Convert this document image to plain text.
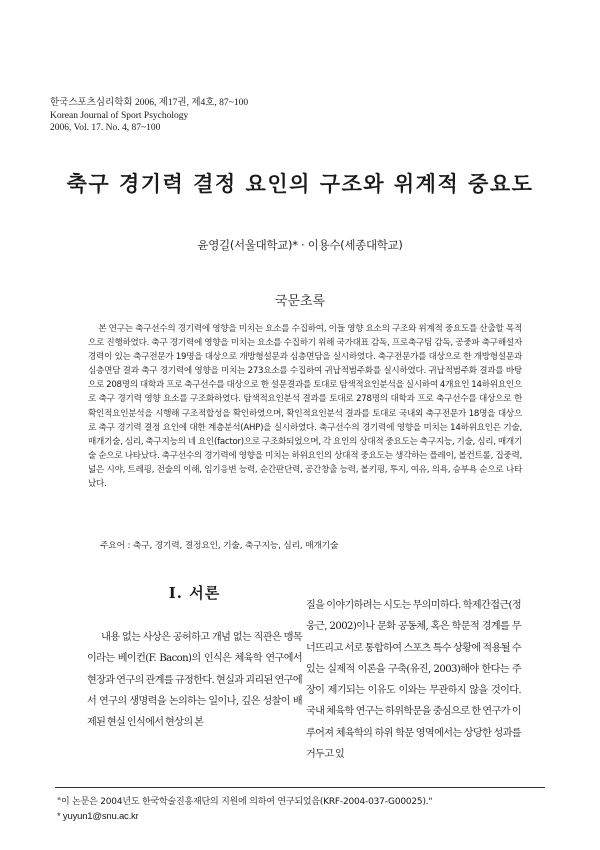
한국스포츠심리학회 2006, 제17권, 제4호, 87~100
Korean Journal of Sport Psychology
2006, Vol. 17. No. 4, 87~100
축구 경기력 결정 요인의 구조와 위계적 중요도
윤영길(서울대학교)* · 이용수(세종대학교)
국문초록
본 연구는 축구선수의 경기력에 영향을 미치는 요소를 수집하여, 이들 영향 요소의 구조와 위계적 중요도를 산출할 목적으로 진행하였다. 축구 경기력에 영향을 미치는 요소를 수집하기 위해 국가대표 감독, 프로축구팀 감독, 공중파 축구해설자 경력이 있는 축구전문가 19명을 대상으로 개방형설문과 심층면담을 실시하였다. 축구전문가를 대상으로 한 개방형설문과 심층면담 결과 축구 경기력에 영향을 미치는 273요소를 수집하여 귀납적범주화를 실시하였다. 귀납적범주화 결과를 바탕으로 208명의 대학과 프로 축구선수를 대상으로 한 설문결과를 토대로 탐색적요인분석을 실시하여 4개요인 14하위요인으로 축구 경기력 영향 요소를 구조화하였다. 탐색적요인분석 결과를 토대로 278명의 대학과 프로 축구선수를 대상으로 한 확인적요인분석을 시행해 구조적합성을 확인하였으며, 확인적요인분석 결과를 토대로 국내외 축구전문가 18명을 대상으로 축구 경기력 결정 요인에 대한 계층분석(AHP)을 실시하였다. 축구선수의 경기력에 영향을 미치는 14하위요인은 기술, 매개기술, 심리, 축구지능의 네 요인(factor)으로 구조화되었으며, 각 요인의 상대적 중요도는 축구지능, 기술, 심리, 매개기술 순으로 나타났다. 축구선수의 경기력에 영향을 미치는 하위요인의 상대적 중요도는 생각하는 플레이, 볼컨트롤, 집중력, 넓은 시야, 트레핑, 전술의 이해, 임기응변 능력, 순간판단력, 공간창출 능력, 볼키핑, 투지, 여유, 의욕, 승부욕 순으로 나타났다.
주요어 : 축구, 경기력, 결정요인, 기술, 축구지능, 심리, 매개기술
Ⅰ. 서론
내용 없는 사상은 공허하고 개념 없는 직관은 맹목이라는 베이컨(F. Bacon)의 인식은 체육학 연구에서 현장과 연구의 관계를 규정한다. 현실과 괴리된 연구에서 연구의 생명력을 논의하는 일이나, 깊은 성찰이 배제된 현실 인식에서 현상의 본
질을 이야기하려는 시도는 무의미하다. 학제간접근(정웅근, 2002)이나 문화 공동체, 혹은 학문적 경계를 무너뜨리고 서로 통합하여 스포츠 특수 상황에 적용될 수 있는 실제적 이론을 구축(유진, 2003)해야 한다는 주장이 제기되는 이유도 이와는 무관하지 않을 것이다. 국내 체육학 연구는 하위학문을 중심으로 한 연구가 이루어져 체육학의 하위 학문 영역에서는 상당한 성과를 거두고 있
"이 논문은 2004년도 한국학술진흥재단의 지원에 의하여 연구되었음(KRF-2004-037-G00025)."
* yuyun1@snu.ac.kr
